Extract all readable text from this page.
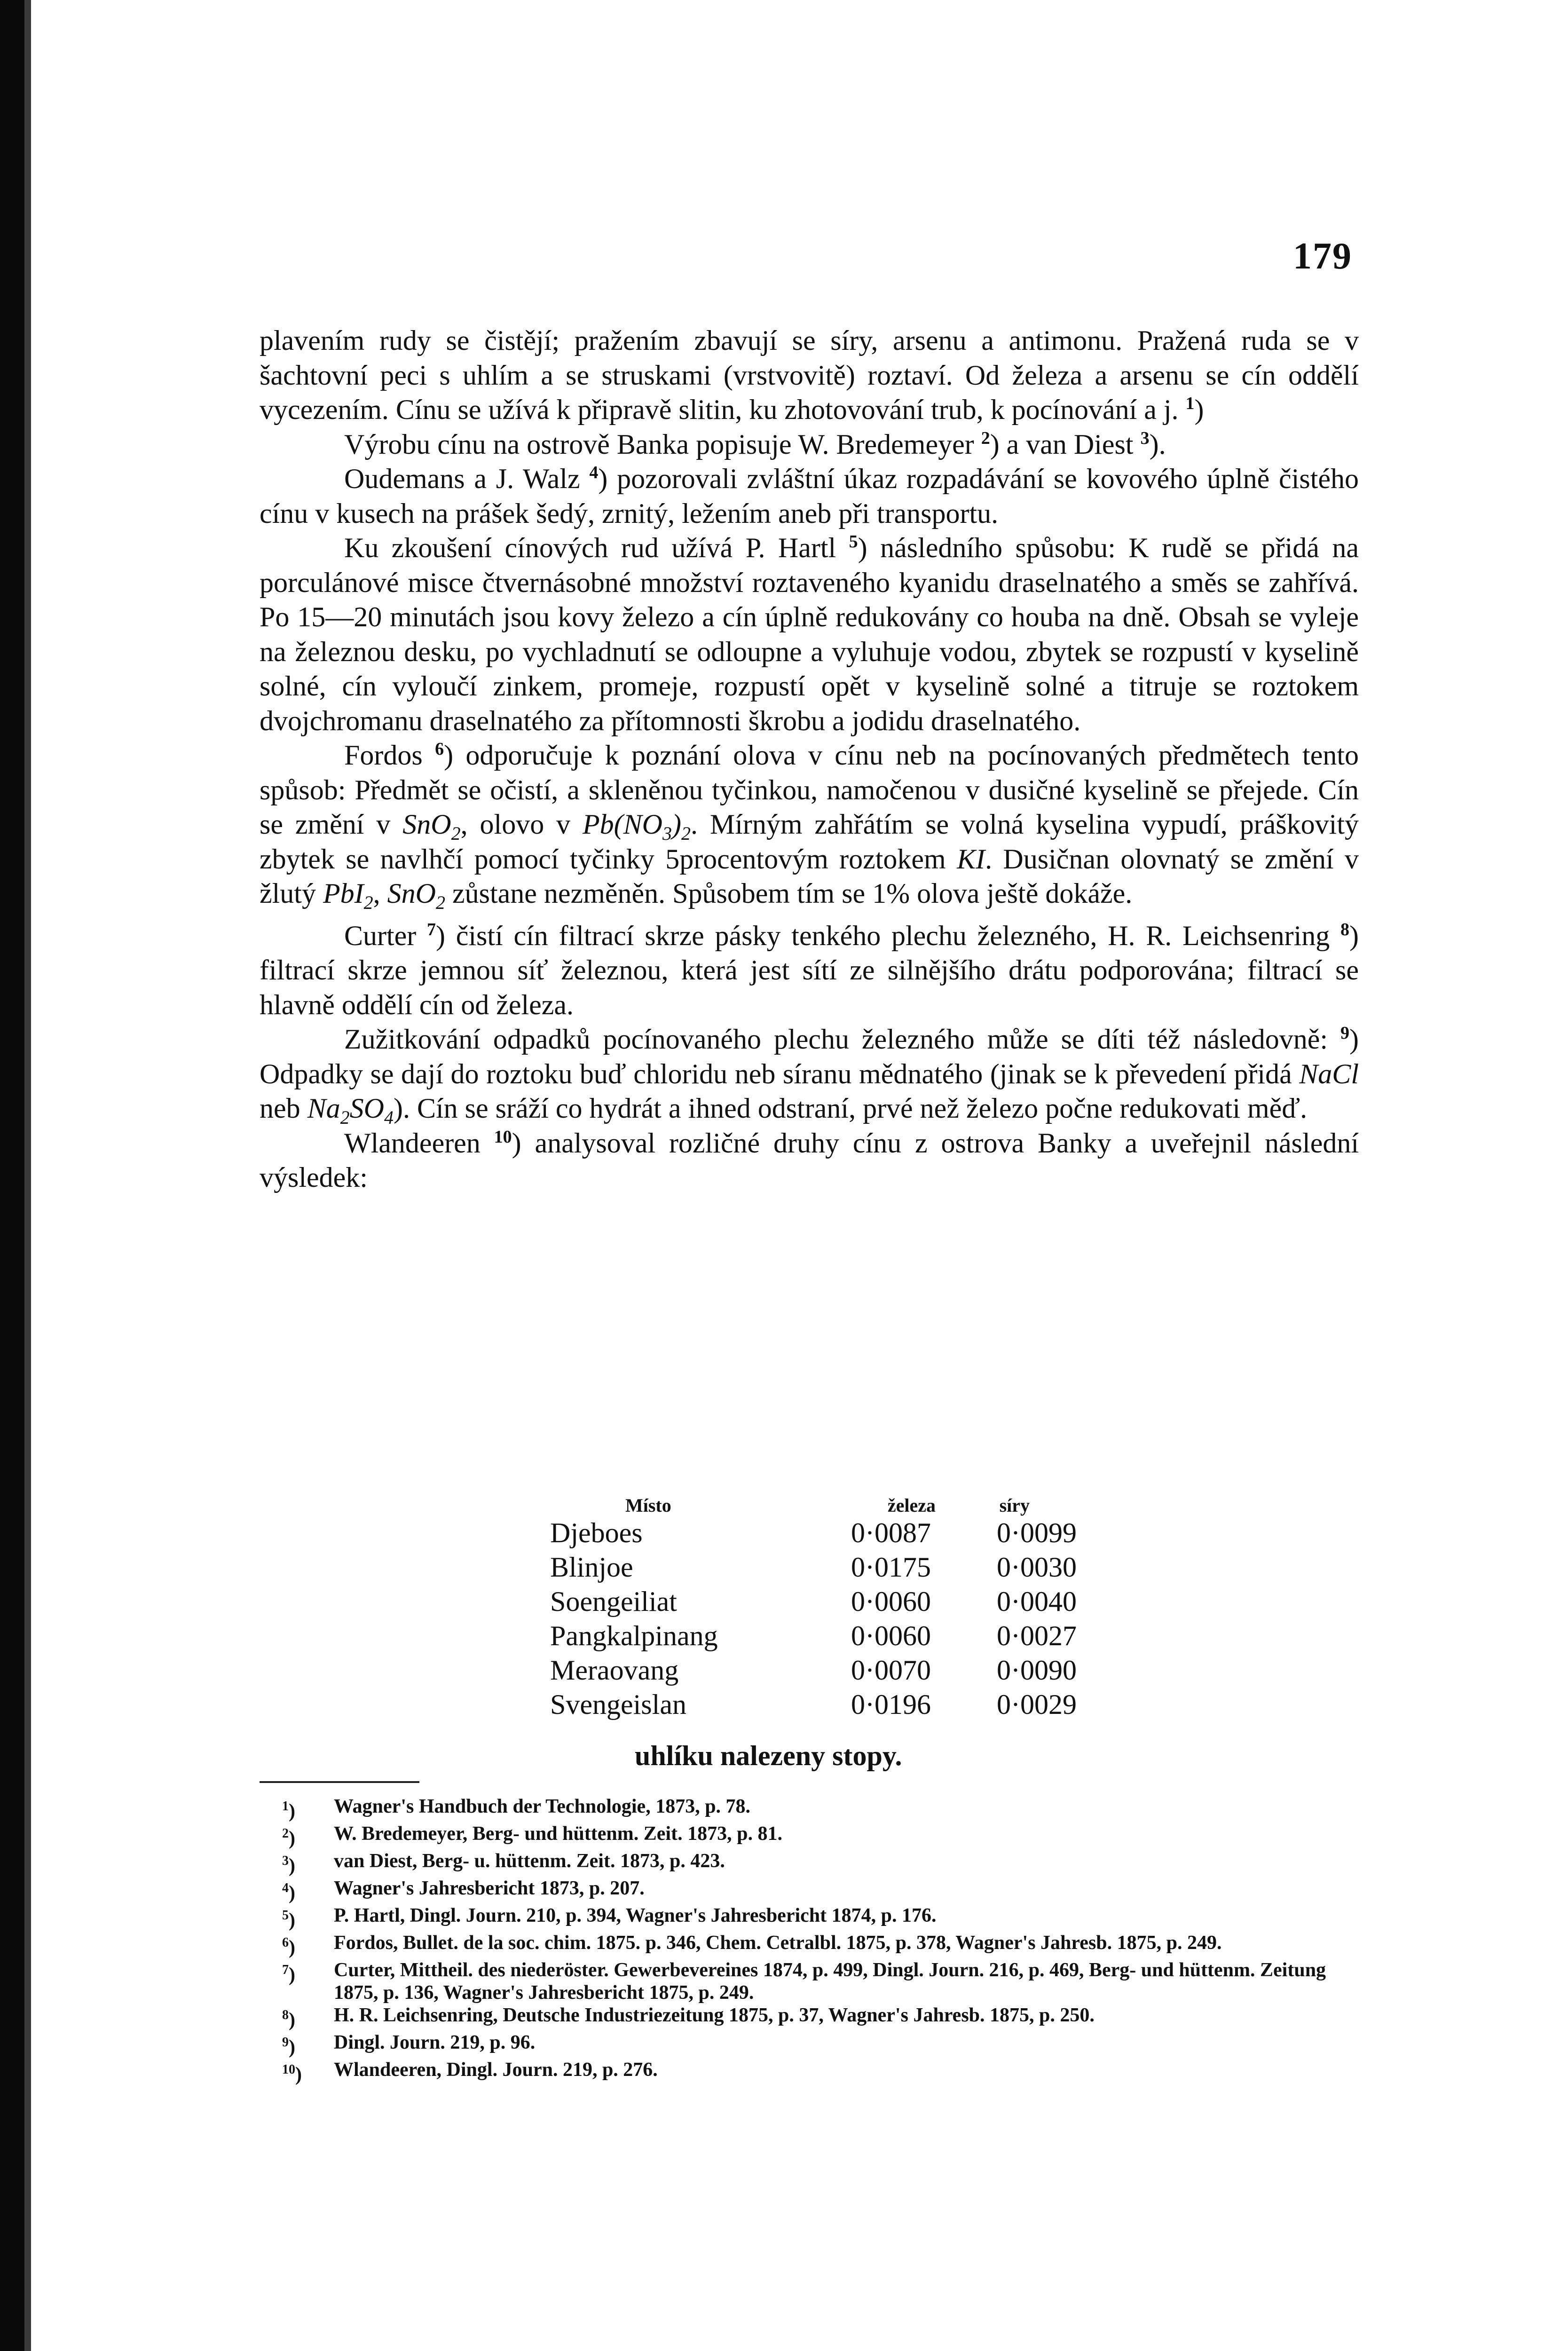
179

plavením rudy se čistějí; pražením zbavují se síry, arsenu a antimonu. Pražená ruda se v šachtovní peci s uhlím a se struskami (vrstvovitě) roztaví. Od železa a arsenu se cín oddělí vycezením. Cínu se užívá k připravě slitin, ku zhotovování trub, k pocínování a j. $^1$)

Výrobu cínu na ostrově Banka popisuje W. Bredemeyer $^2$) a van Diest $^3$).

Oudemans a J. Walz $^4$) pozorovali zvláštní úkaz rozpadávání se kovového úplně čistého cínu v kusech na prášek šedý, zrnitý, ležením aneb při transportu.

Ku zkoušení cínových rud užívá P. Hartl $^5$) následního spůsobu: K rudě se přidá na porculánové misce čtvernásobné množství roztaveného kyanidu draselnatého a směs se zahřívá. Po 15—20 minutách jsou kovy železo a cín úplně redukovány co houba na dně. Obsah se vyleje na železnou desku, po vychladnutí se odloupne a vyluhuje vodou, zbytek se rozpustí v kyselině solné, cín vyloučí zinkem, promeje, rozpustí opět v kyselině solné a titruje se roztokem dvojchromanu draselnatého za přítomnosti škrobu a jodidu draselnatého.

Fordos $^6$) odporučuje k poznání olova v cínu neb na pocínovaných předmětech tento spůsob: Předmět se očistí, a skleněnou tyčinkou, namočenou v dusičné kyselině se přejede. Cín se změní v SnO$_2$, olovo v $Pb(NO_3)_2$. Mírným zahřátím se volná kyselina vypudí, práškovitý zbytek se navlhčí pomocí tyčinky 5procentovým roztokem KI. Dusičnan olovnatý se změní v žlutý PbI$_2$, SnO$_2$ zůstane nezměněn. Spůsobem tím se 1% olova ještě dokáže.

Curter $^7$) čistí cín filtrací skrze pásky tenkého plechu železného, H. R. Leichsenring $^8$) filtrací skrze jemnou síť železnou, která jest sítí ze silnějšího drátu podporována; filtrací se hlavně oddělí cín od železa.

Zužitkování odpadků pocínovaného plechu železného může se díti též následovně: $^9$) Odpadky se dají do roztoku buď chloridu neb síranu mědnatého (jinak se k převedení přidá NaCl neb $Na_2SO_4$). Cín se sráží co hydrát a ihned odstraní, prvé než železo počne redukovati měď.

Wlandeeren $^{10}$) analysoval rozličné druhy cínu z ostrova Banky a uveřejnil následní výsledek:

Místo	železa	síry
Djeboes	0·0087	0·0099
Blinjoe	0·0175	0·0030
Soengeiliat	0·0060	0·0040
Pangkalpinang	0·0060	0·0027
Meraovang	0·0070	0·0090
Svengeislan	0·0196	0·0029
uhlíku nalezeny stopy.
$^1$)	Wagner's Handbuch der Technologie, 1873, p. 78.
$^2$)	W. Bredemeyer, Berg- und hüttenm. Zeit. 1873, p. 81.
$^3$)	van Diest, Berg- u. hüttenm. Zeit. 1873, p. 423.
$^4$)	Wagner's Jahresbericht 1873, p. 207.
$^5$)	P. Hartl, Dingl. Journ. 210, p. 394, Wagner's Jahresbericht 1874, p. 176.
$^6$)	Fordos, Bullet. de la soc. chim. 1875. p. 346, Chem. Cetralbl. 1875, p. 378, Wagner's Jahresb. 1875, p. 249.
$^7$)	Curter, Mittheil. des niederöster. Gewerbevereines 1874, p. 499, Dingl. Journ. 216, p. 469, Berg- und hüttenm. Zeitung 1875, p. 136, Wagner's Jahresbericht 1875, p. 249.
$^8$)	H. R. Leichsenring, Deutsche Industriezeitung 1875, p. 37, Wagner's Jahresb. 1875, p. 250.
$^9$)	Dingl. Journ. 219, p. 96.
$^{10}$)	Wlandeeren, Dingl. Journ. 219, p. 276.
